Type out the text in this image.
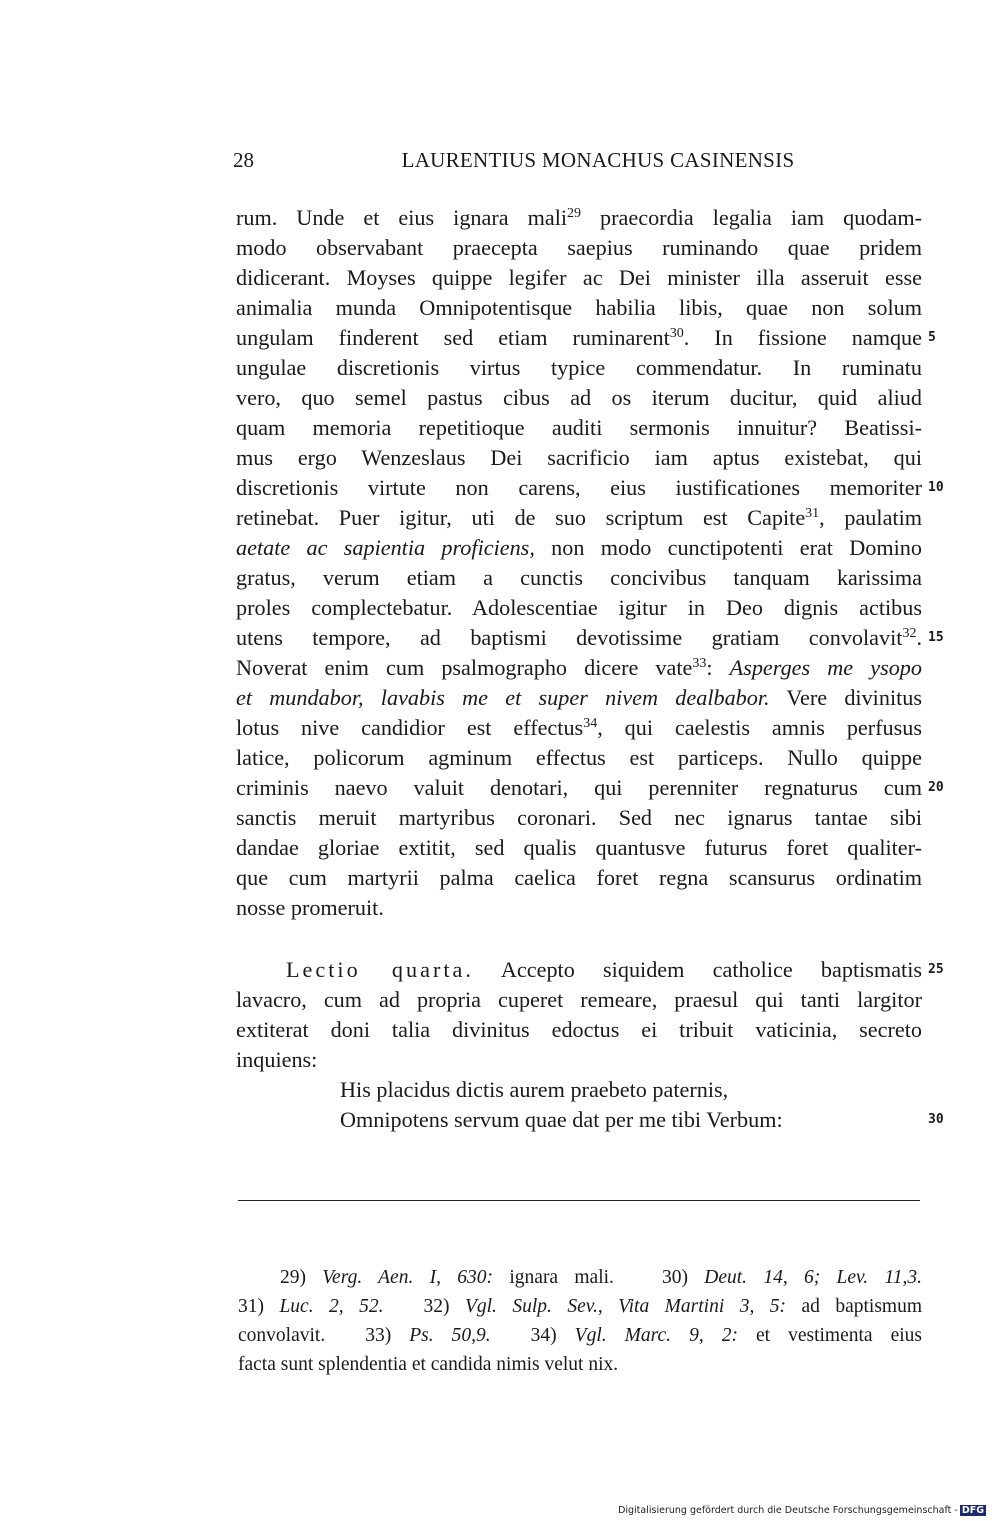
28	LAURENTIUS MONACHUS CASINENSIS
rum. Unde et eius ignara mali$^{29}$ praecordia legalia iam quodam-
modo observabant praecepta saepius ruminando quae pridem
didicerant. Moyses quippe legifer ac Dei minister illa asseruit esse
animalia munda Omnipotentisque habilia libis, quae non solum
ungulam finderent sed etiam ruminarent$^{30}$. In fissione namque
ungulae discretionis virtus typice commendatur. In ruminatu
vero, quo semel pastus cibus ad os iterum ducitur, quid aliud
quam memoria repetitioque auditi sermonis innuitur? Beatissi-
mus ergo Wenzeslaus Dei sacrificio iam aptus existebat, qui
discretionis virtute non carens, eius iustificationes memoriter
retinebat. Puer igitur, uti de suo scriptum est Capite$^{31}$, paulatim
aetate ac sapientia proficiens, non modo cunctipotenti erat Domino
gratus, verum etiam a cunctis concivibus tanquam karissima
proles complectebatur. Adolescentiae igitur in Deo dignis actibus
utens tempore, ad baptismi devotissime gratiam convolavit$^{32}$.
Noverat enim cum psalmographo dicere vate$^{33}$: Asperges me ysopo
et mundabor, lavabis me et super nivem dealbabor. Vere divinitus
lotus nive candidior est effectus$^{34}$, qui caelestis amnis perfusus
latice, policorum agminum effectus est particeps. Nullo quippe
criminis naevo valuit denotari, qui perenniter regnaturus cum
sanctis meruit martyribus coronari. Sed nec ignarus tantae sibi
dandae gloriae extitit, sed qualis quantusve futurus foret qualiter-
que cum martyrii palma caelica foret regna scansurus ordinatim
nosse promeruit.
Lectio quarta. Accepto siquidem catholice baptismatis
lavacro, cum ad propria cuperet remeare, praesul qui tanti largitor
extiterat doni talia divinitus edoctus ei tribuit vaticinia, secreto
inquiens:
His placidus dictis aurem praebeto paternis,
Omnipotens servum quae dat per me tibi Verbum:
5
10
15
20
25
30
29) Verg. Aen. I, 630: ignara mali. 30) Deut. 14, 6; Lev. 11,3.
31) Luc. 2, 52. 32) Vgl. Sulp. Sev., Vita Martini 3, 5: ad baptismum
convolavit. 33) Ps. 50,9. 34) Vgl. Marc. 9, 2: et vestimenta eius
facta sunt splendentia et candida nimis velut nix.
Digitalisierung gefördert durch die Deutsche Forschungsgemeinschaft - DFG
